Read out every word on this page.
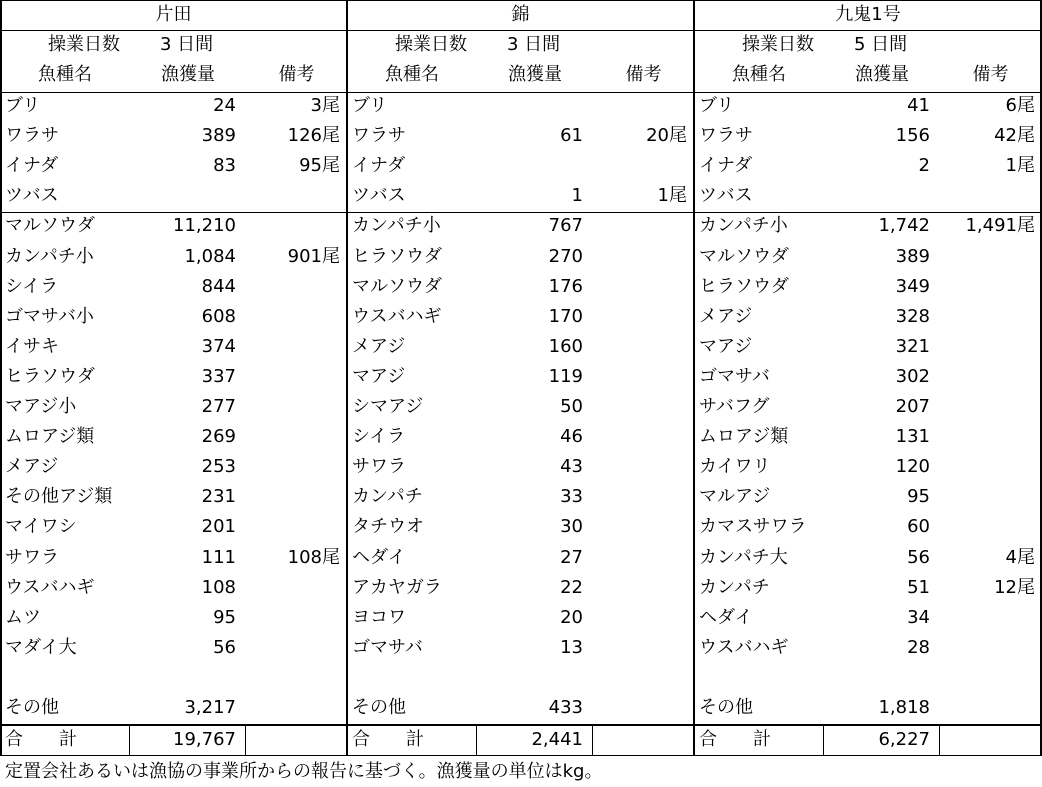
片田
操業日数	3 日間
魚種名	漁獲量	備考
ブリ	24	3尾
ワラサ	389	126尾
イナダ	83	95尾
ツバス
マルソウダ	11,210
カンパチ小	1,084	901尾
シイラ	844
ゴマサバ小	608
イサキ	374
ヒラソウダ	337
マアジ小	277
ムロアジ類	269
メアジ	253
その他アジ類	231
マイワシ	201
サワラ	111	108尾
ウスバハギ	108
ムツ	95
マダイ大	56
その他	3,217
合 計	19,767
錦
操業日数	3 日間
魚種名	漁獲量	備考
ブリ
ワラサ	61	20尾
イナダ
ツバス	1	1尾
カンパチ小	767
ヒラソウダ	270
マルソウダ	176
ウスバハギ	170
メアジ	160
マアジ	119
シマアジ	50
シイラ	46
サワラ	43
カンパチ	33
タチウオ	30
ヘダイ	27
アカヤガラ	22
ヨコワ	20
ゴマサバ	13
その他	433
合 計	2,441
九鬼1号
操業日数	5 日間
魚種名	漁獲量	備考
ブリ	41	6尾
ワラサ	156	42尾
イナダ	2	1尾
ツバス
カンパチ小	1,742	1,491尾
マルソウダ	389
ヒラソウダ	349
メアジ	328
マアジ	321
ゴマサバ	302
サバフグ	207
ムロアジ類	131
カイワリ	120
マルアジ	95
カマスサワラ	60
カンパチ大	56	4尾
カンパチ	51	12尾
ヘダイ	34
ウスバハギ	28
その他	1,818
合 計	6,227
定置会社あるいは漁協の事業所からの報告に基づく。漁獲量の単位はkg。
